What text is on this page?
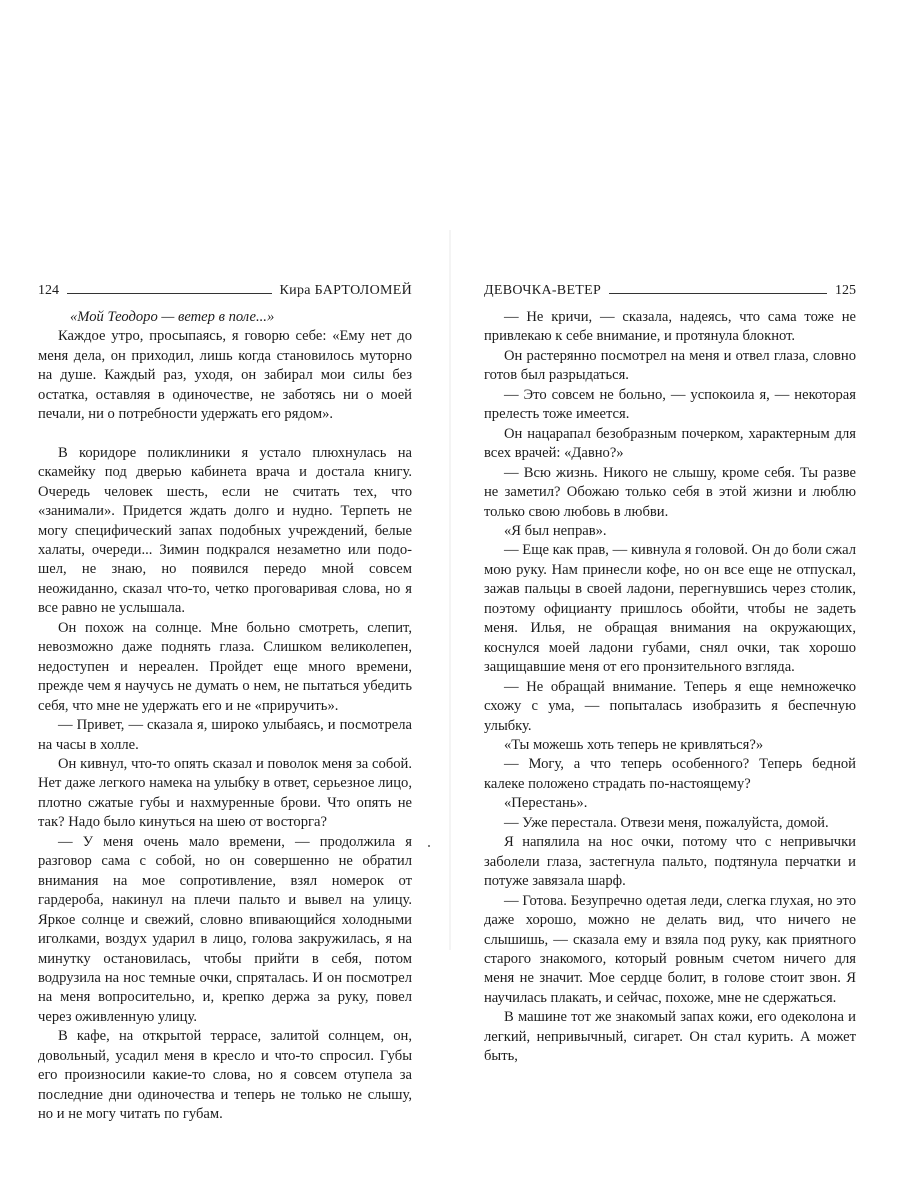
124	Кира БАРТОЛОМЕЙ

«Мой Теодоро — ветер в поле...»

Каждое утро, просыпаясь, я говорю себе: «Ему нет до меня дела, он приходил, лишь когда становилось муторно на душе. Каждый раз, уходя, он забирал мои силы без остатка, оставляя в одиночестве, не заботясь ни о моей печали, ни о потребности удержать его рядом».

В коридоре поликлиники я устало плюхнулась на скамейку под дверью кабинета врача и достала книгу. Очередь человек шесть, если не считать тех, что «занимали». Придется ждать долго и нудно. Терпеть не могу специфический запах подобных учреждений, белые халаты, очереди... Зимин подкрался незаметно или подошел, не знаю, но появился передо мной совсем неожиданно, сказал что-то, четко проговаривая слова, но я все равно не услышала.

Он похож на солнце. Мне больно смотреть, слепит, невозможно даже поднять глаза. Слишком великолепен, недоступен и нереален. Пройдет еще много времени, прежде чем я научусь не думать о нем, не пытаться убедить себя, что мне не удержать его и не «приручить».

— Привет, — сказала я, широко улыбаясь, и посмотрела на часы в холле.

Он кивнул, что-то опять сказал и поволок меня за собой. Нет даже легкого намека на улыбку в ответ, серьезное лицо, плотно сжатые губы и нахмуренные брови. Что опять не так? Надо было кинуться на шею от восторга?

— У меня очень мало времени, — продолжила я разговор сама с собой, но он совершенно не обратил внимания на мое сопротивление, взял номерок от гардероба, накинул на плечи пальто и вывел на улицу. Яркое солнце и свежий, словно впивающийся холодными иголками, воздух ударил в лицо, голова закружилась, я на минутку остановилась, чтобы прийти в себя, потом водрузила на нос темные очки, спряталась. И он посмотрел на меня вопросительно, и, крепко держа за руку, повел через оживленную улицу.

В кафе, на открытой террасе, залитой солнцем, он, довольный, усадил меня в кресло и что-то спросил. Губы его произносили какие-то слова, но я совсем отупела за последние дни одиночества и теперь не только не слышу, но и не могу читать по губам.

ДЕВОЧКА-ВЕТЕР	125

— Не кричи, — сказала, надеясь, что сама тоже не привлекаю к себе внимание, и протянула блокнот.

Он растерянно посмотрел на меня и отвел глаза, словно готов был разрыдаться.

— Это совсем не больно, — успокоила я, — некоторая прелесть тоже имеется.

Он нацарапал безобразным почерком, характерным для всех врачей: «Давно?»

— Всю жизнь. Никого не слышу, кроме себя. Ты разве не заметил? Обожаю только себя в этой жизни и люблю только свою любовь в любви.

«Я был неправ».

— Еще как прав, — кивнула я головой. Он до боли сжал мою руку. Нам принесли кофе, но он все еще не отпускал, зажав пальцы в своей ладони, перегнувшись через столик, поэтому официанту пришлось обойти, чтобы не задеть меня. Илья, не обращая внимания на окружающих, коснулся моей ладони губами, снял очки, так хорошо защищавшие меня от его пронзительного взгляда.

— Не обращай внимание. Теперь я еще немножечко схожу с ума, — попыталась изобразить я беспечную улыбку.

«Ты можешь хоть теперь не кривляться?»

— Могу, а что теперь особенного? Теперь бедной калеке положено страдать по-настоящему?

«Перестань».

— Уже перестала. Отвези меня, пожалуйста, домой.

Я напялила на нос очки, потому что с непривычки заболели глаза, застегнула пальто, подтянула перчатки и потуже завязала шарф.

— Готова. Безупречно одетая леди, слегка глухая, но это даже хорошо, можно не делать вид, что ничего не слышишь, — сказала ему и взяла под руку, как приятного старого знакомого, который ровным счетом ничего для меня не значит. Мое сердце болит, в голове стоит звон. Я научилась плакать, и сейчас, похоже, мне не сдержаться.

В машине тот же знакомый запах кожи, его одеколона и легкий, непривычный, сигарет. Он стал курить. А может быть,
